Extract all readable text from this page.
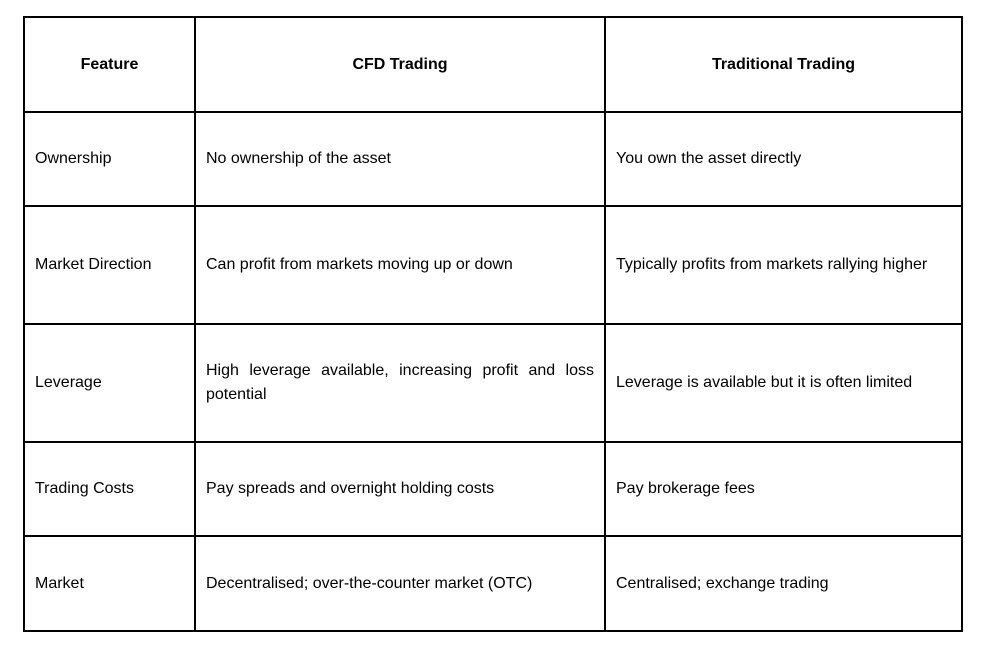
Feature	CFD Trading	Traditional Trading
Ownership	No ownership of the asset	You own the asset directly
Market Direction	Can profit from markets moving up or down	Typically profits from markets rallying higher
Leverage	High leverage available, increasing profit and loss potential	Leverage is available but it is often limited
Trading Costs	Pay spreads and overnight holding costs	Pay brokerage fees
Market	Decentralised; over-the-counter market (OTC)	Centralised; exchange trading
